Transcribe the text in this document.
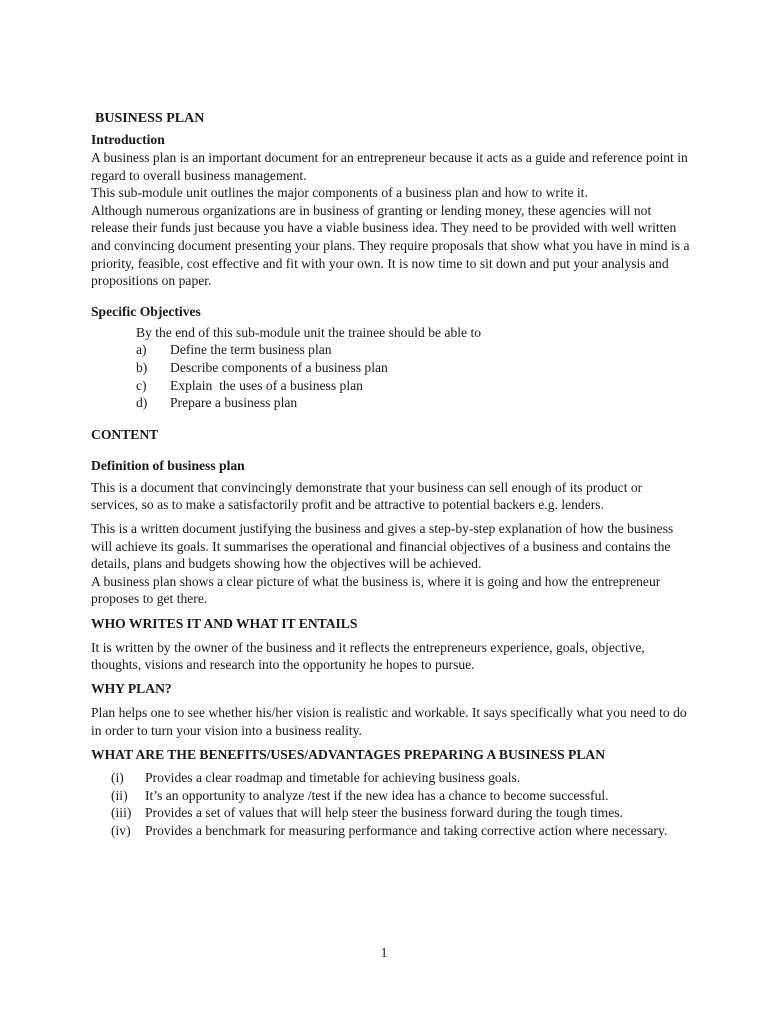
BUSINESS PLAN
Introduction

A business plan is an important document for an entrepreneur because it acts as a guide and reference point in regard to overall business management.

This sub-module unit outlines the major components of a business plan and how to write it.

Although numerous organizations are in business of granting or lending money, these agencies will not release their funds just because you have a viable business idea. They need to be provided with well written and convincing document presenting your plans. They require proposals that show what you have in mind is a priority, feasible, cost effective and fit with your own. It is now time to sit down and put your analysis and propositions on paper.

Specific Objectives

By the end of this sub-module unit the trainee should be able to

a)	Define the term business plan
b)	Describe components of a business plan
c)	Explain  the uses of a business plan
d)	Prepare a business plan
CONTENT
Definition of business plan

This is a document that convincingly demonstrate that your business can sell enough of its product or services, so as to make a satisfactorily profit and be attractive to potential backers e.g. lenders.

This is a written document justifying the business and gives a step-by-step explanation of how the business will achieve its goals. It summarises the operational and financial objectives of a business and contains the details, plans and budgets showing how the objectives will be achieved.

A business plan shows a clear picture of what the business is, where it is going and how the entrepreneur proposes to get there.

WHO WRITES IT AND WHAT IT ENTAILS

It is written by the owner of the business and it reflects the entrepreneurs experience, goals, objective, thoughts, visions and research into the opportunity he hopes to pursue.

WHY PLAN?

Plan helps one to see whether his/her vision is realistic and workable. It says specifically what you need to do in order to turn your vision into a business reality.

WHAT ARE THE BENEFITS/USES/ADVANTAGES PREPARING A BUSINESS PLAN
(i)	Provides a clear roadmap and timetable for achieving business goals.
(ii)	It’s an opportunity to analyze /test if the new idea has a chance to become successful.
(iii)	Provides a set of values that will help steer the business forward during the tough times.
(iv)	Provides a benchmark for measuring performance and taking corrective action where necessary.
1
